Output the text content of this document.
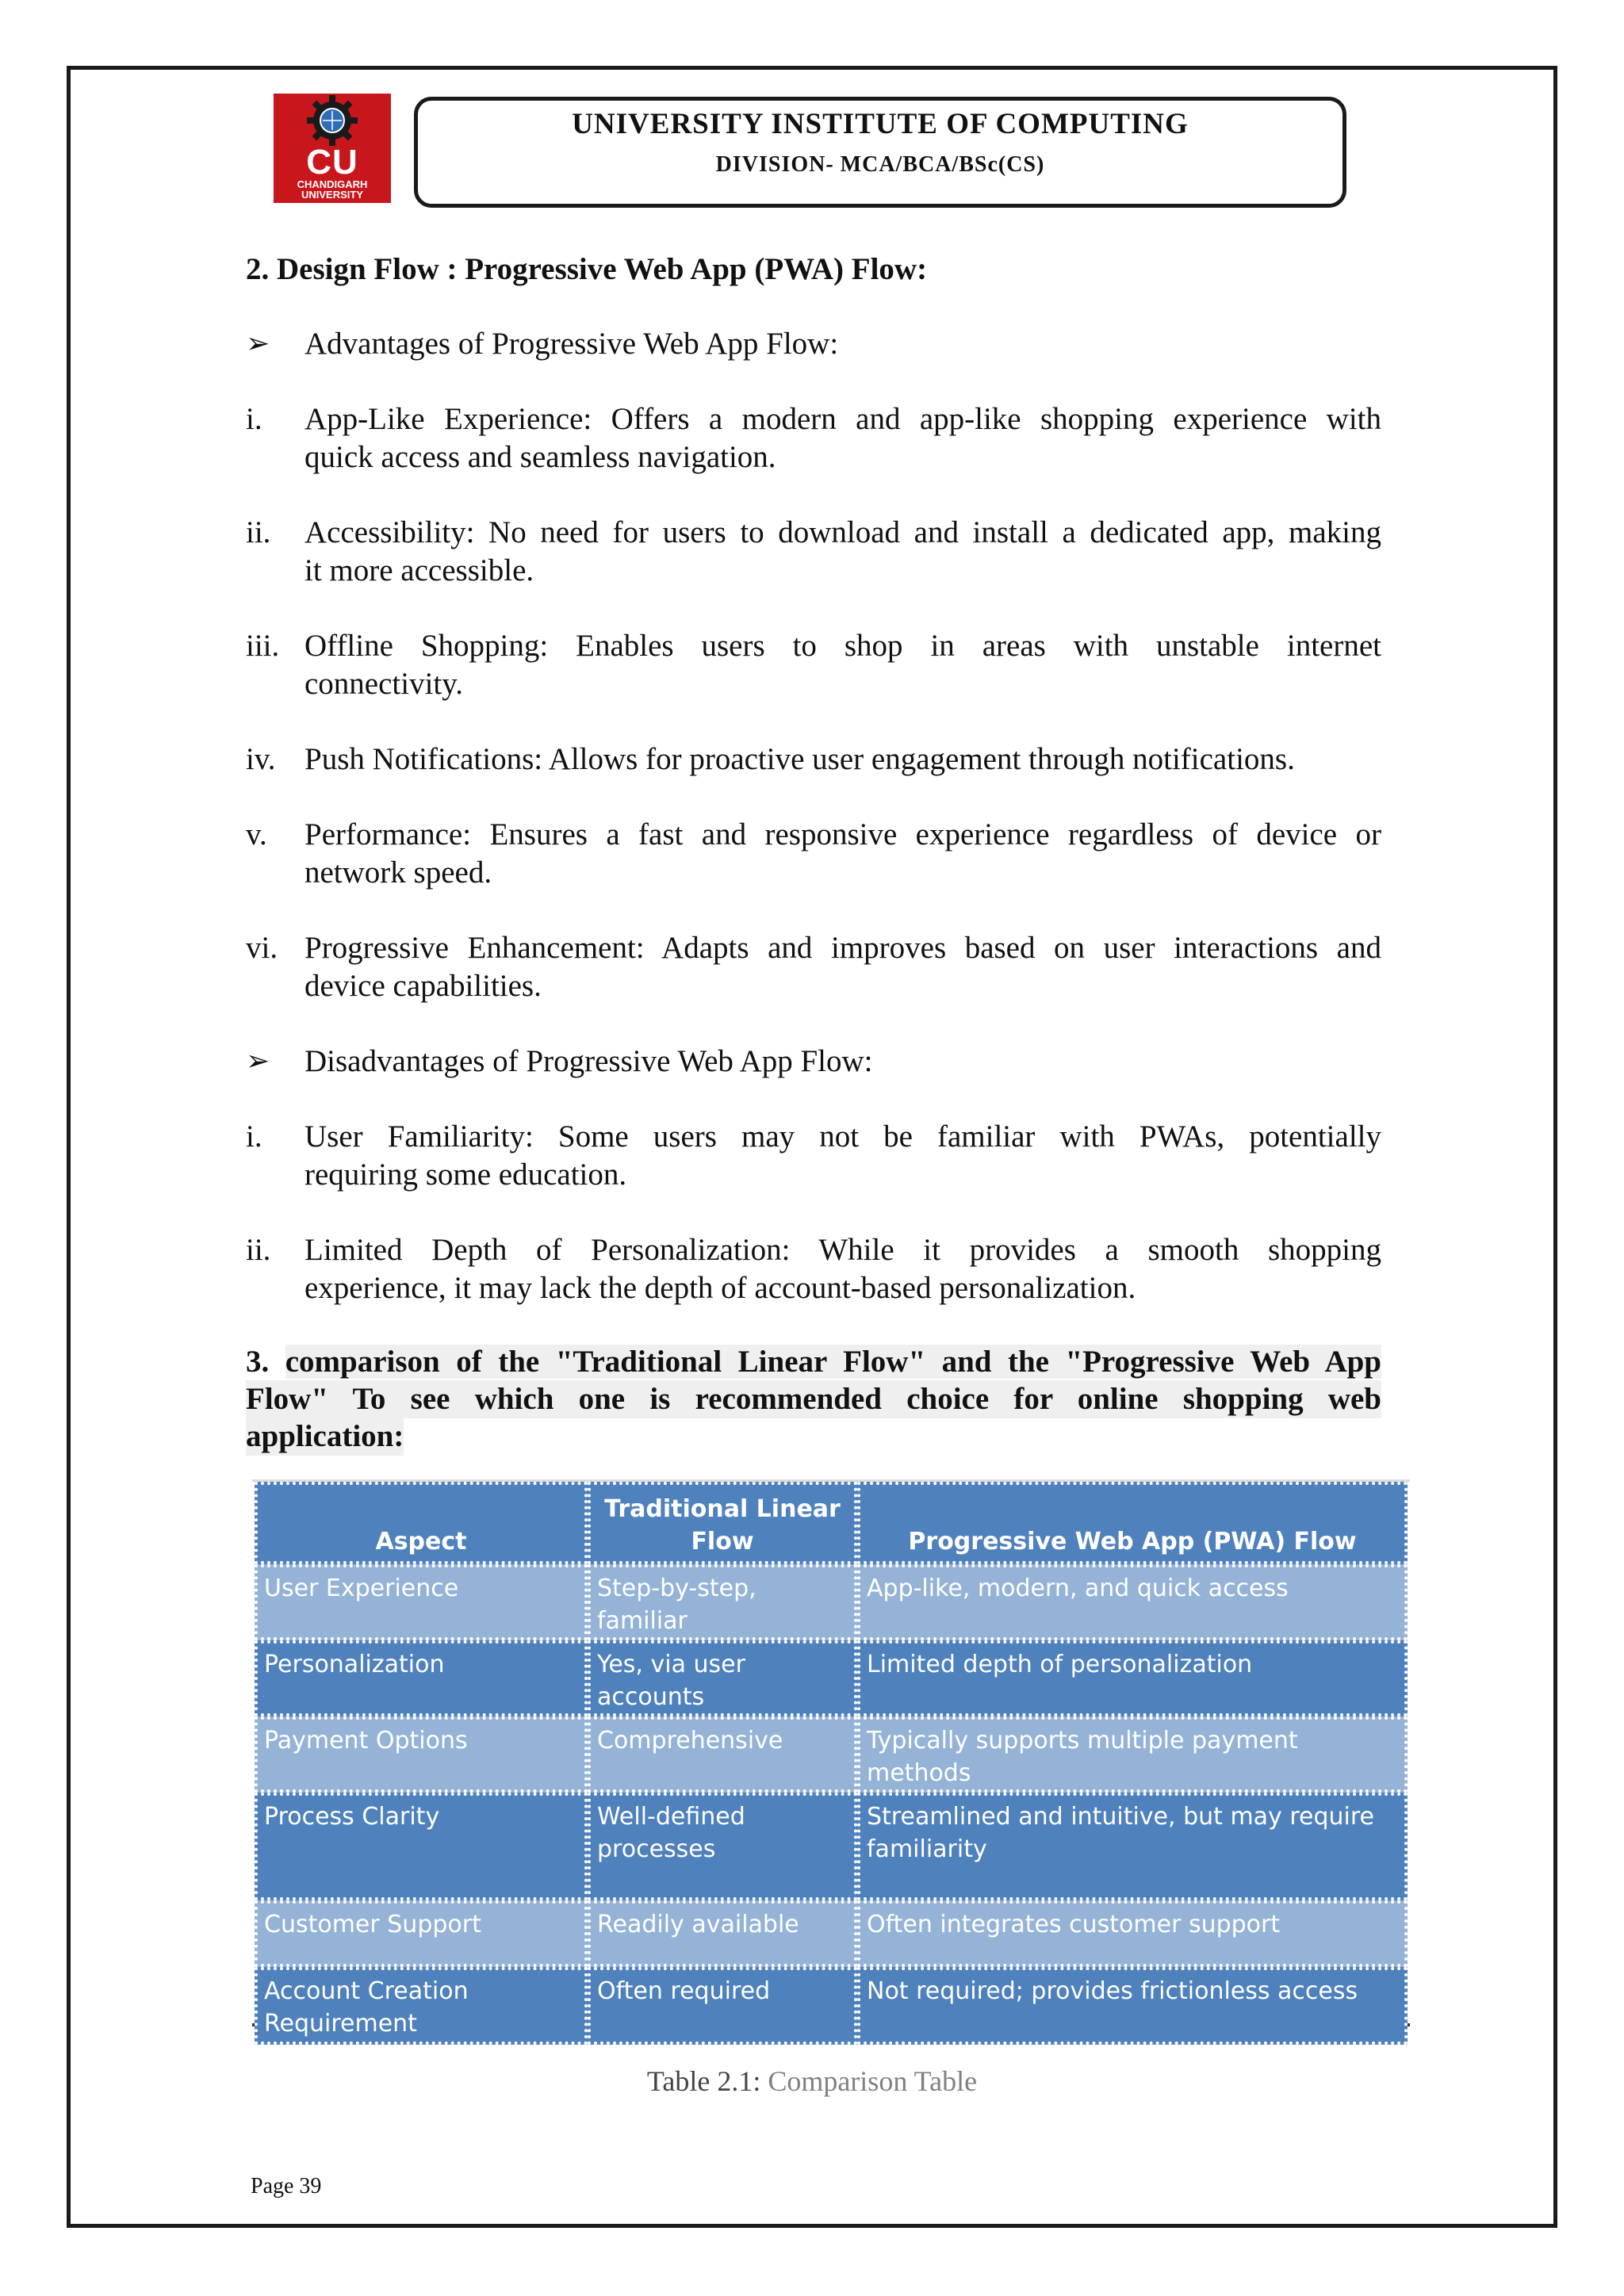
CU
CHANDIGARH
UNIVERSITY
UNIVERSITY INSTITUTE OF COMPUTING
DIVISION- MCA/BCA/BSc(CS)
2. Design Flow : Progressive Web App (PWA) Flow:
➢ Advantages of Progressive Web App Flow:
i. App-Like Experience: Offers a modern and app-like shopping experience with
quick access and seamless navigation.
ii. Accessibility: No need for users to download and install a dedicated app, making
it more accessible.
iii. Offline Shopping: Enables users to shop in areas with unstable internet
connectivity.
iv. Push Notifications: Allows for proactive user engagement through notifications.
v. Performance: Ensures a fast and responsive experience regardless of device or
network speed.
vi. Progressive Enhancement: Adapts and improves based on user interactions and
device capabilities.
➢ Disadvantages of Progressive Web App Flow:
i. User Familiarity: Some users may not be familiar with PWAs, potentially
requiring some education.
ii. Limited Depth of Personalization: While it provides a smooth shopping
experience, it may lack the depth of account-based personalization.
3. comparison of the "Traditional Linear Flow" and the "Progressive Web App
Flow" To see which one is recommended choice for online shopping web
application:
Aspect	Traditional Linear Flow	Progressive Web App (PWA) Flow
User Experience	Step-by-step, familiar	App-like, modern, and quick access
Personalization	Yes, via user accounts	Limited depth of personalization
Payment Options	Comprehensive	Typically supports multiple payment methods
Process Clarity	Well-defined processes	Streamlined and intuitive, but may require familiarity
Customer Support	Readily available	Often integrates customer support
Account Creation Requirement	Often required	Not required; provides frictionless access
Table 2.1: Comparison Table
Page 39
